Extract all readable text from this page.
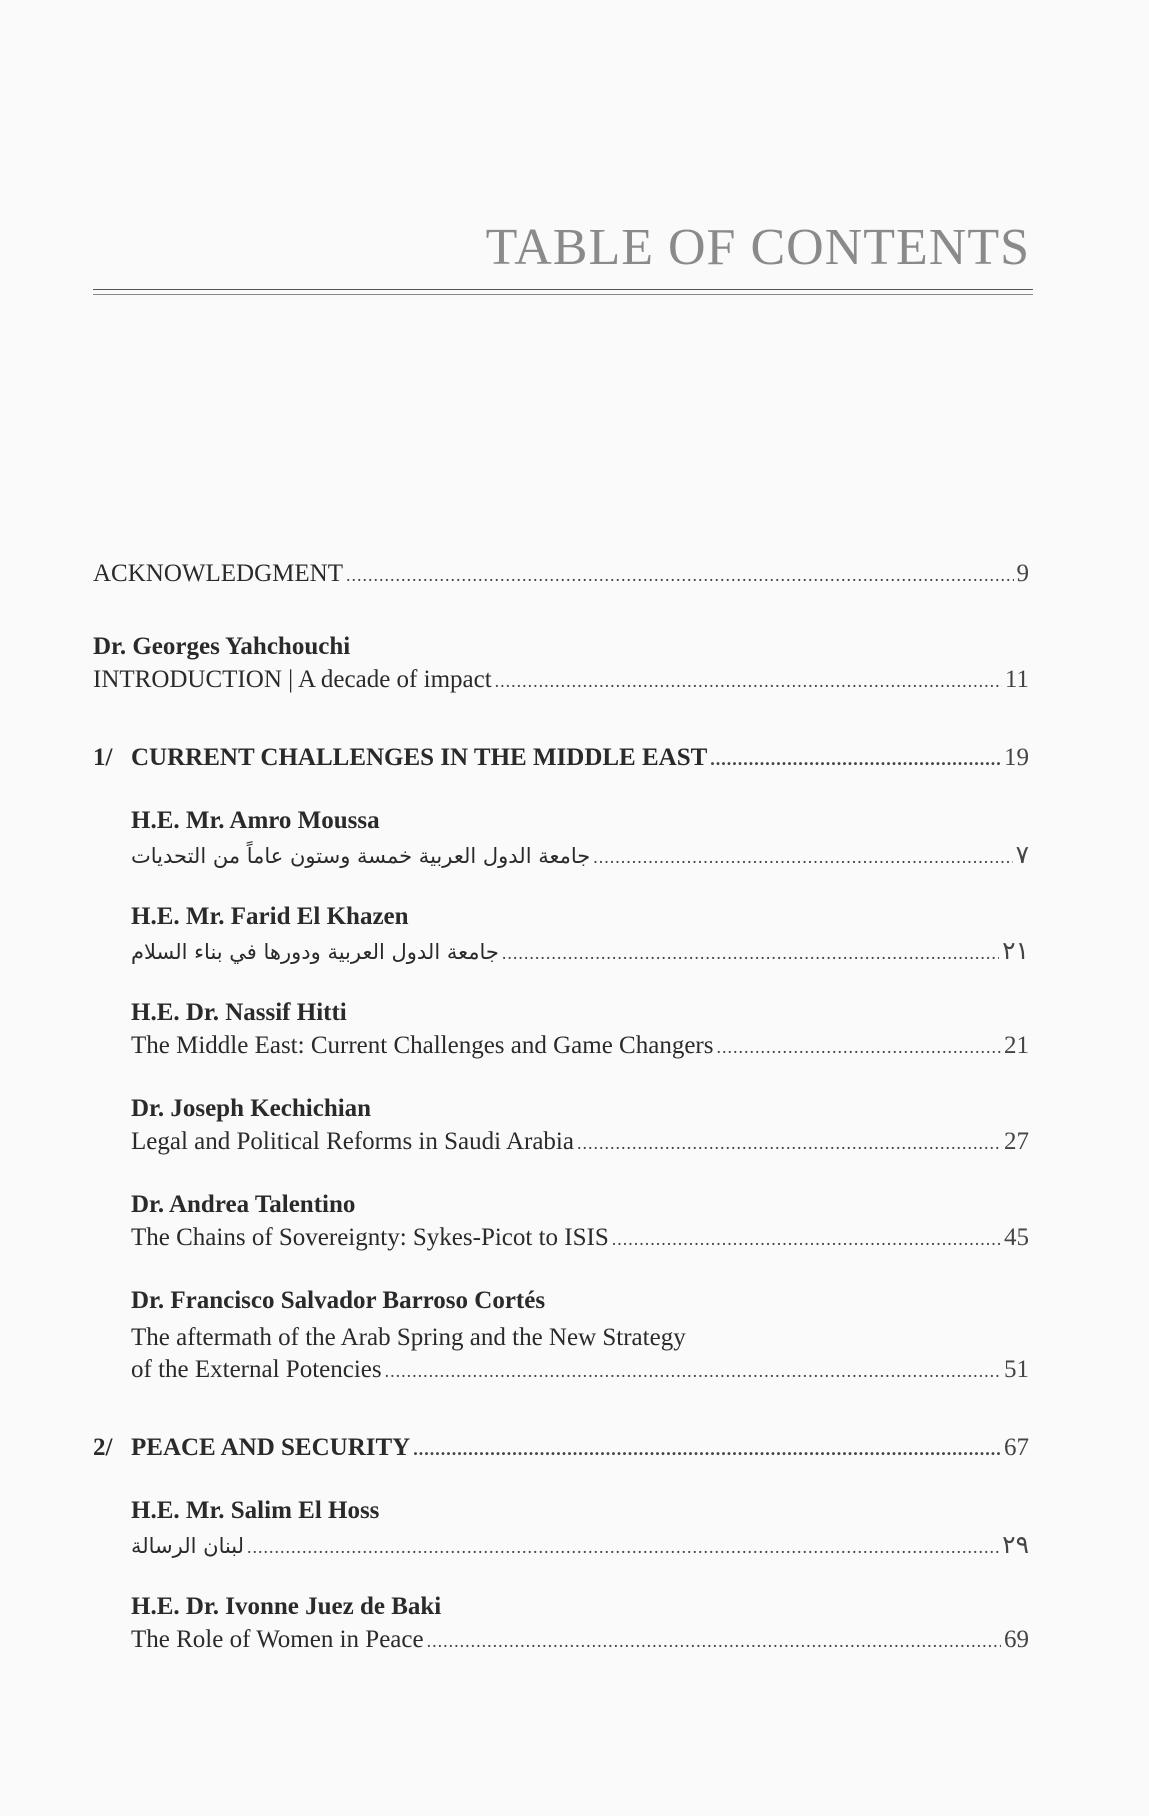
TABLE OF CONTENTS
ACKNOWLEDGMENT .....	9
Dr. Georges Yahchouchi
INTRODUCTION | A decade of impact .....	11
1/ CURRENT CHALLENGES IN THE MIDDLE EAST .....	19
H.E. Mr. Amro Moussa
جامعة الدول العربية خمسة وستون عاماً من التحديات .....	٧
H.E. Mr. Farid El Khazen
جامعة الدول العربية ودورها في بناء السلام .....	٢١
H.E. Dr. Nassif Hitti
The Middle East: Current Challenges and Game Changers .....	21
Dr. Joseph Kechichian
Legal and Political Reforms in Saudi Arabia .....	27
Dr. Andrea Talentino
The Chains of Sovereignty: Sykes-Picot to ISIS .....	45
Dr. Francisco Salvador Barroso Cortés
The aftermath of the Arab Spring and the New Strategy
of the External Potencies .....	51
2/ PEACE AND SECURITY .....	67
H.E. Mr. Salim El Hoss
لبنان الرسالة .....	٢٩
H.E. Dr. Ivonne Juez de Baki
The Role of Women in Peace .....	69
